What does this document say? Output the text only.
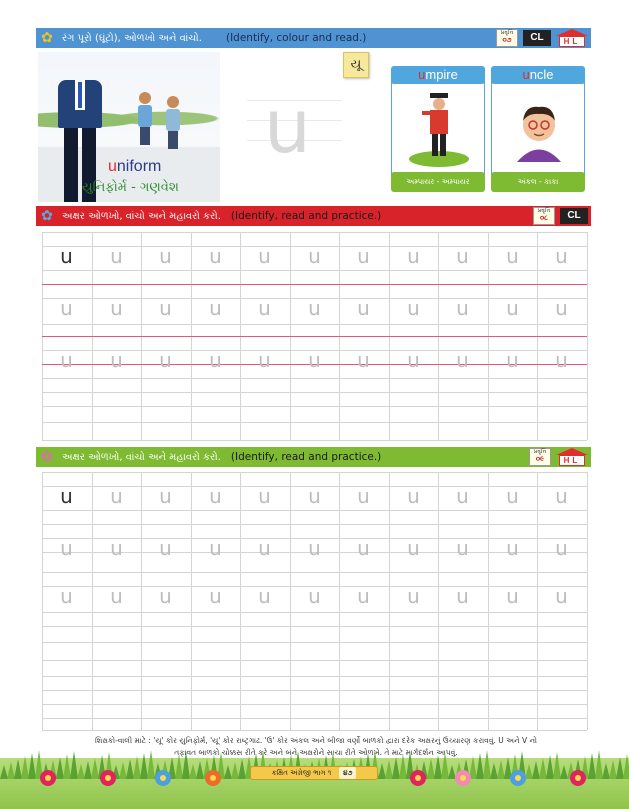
✿ રંગ પૂરો (ઘૂંટો), ઓળખો અને વાંચો. (Identify, colour and read.)	પ્રવૃત્તિ
૦૭	CL	HL
uniform
યુનિફોર્મ - ગણવેશ
u
યૂ
umpire
અમ્પાયર - અમ્પાયર
uncle
અંકલ - કાકા
✿ અક્ષર ઓળખો, વાંચો અને મહાવરો કરો. (Identify, read and practice.)	પ્રવૃત્તિ
૦૮	CL
u	u	u	u	u	u	u	u	u	u	u
u	u	u	u	u	u	u	u	u	u	u
u	u	u	u	u	u	u	u	u	u	u
✿ અક્ષર ઓળખો, વાંચો અને મહાવરો કરો. (Identify, read and practice.)	પ્રવૃત્તિ
૦૯	HL
u	u	u	u	u	u	u	u	u	u	u
u	u	u	u	u	u	u	u	u	u	u
u	u	u	u	u	u	u	u	u	u	u
શિક્ષકો-વાલી માટે : 'યૂ' કોર યુનિફોર્મ, 'યૂ' કોર રાષ્ટ્રગાઢ. 'ઉ' કોર અંકલ અને બીજા વર્ણો બાળકો દ્વારા દરેક અક્ષરનું ઉચ્ચારણ કરાવવું. U અને V નો
તફાવત બાળકો ચોક્કસ રીતે કરે અને બંને અક્ષરોને સાચા રીતે ઓળખે. તે માટે માર્ગદર્શન આપવું.
કક્ષિત અંગ્રેજી ભાગ ૧	૪૭
